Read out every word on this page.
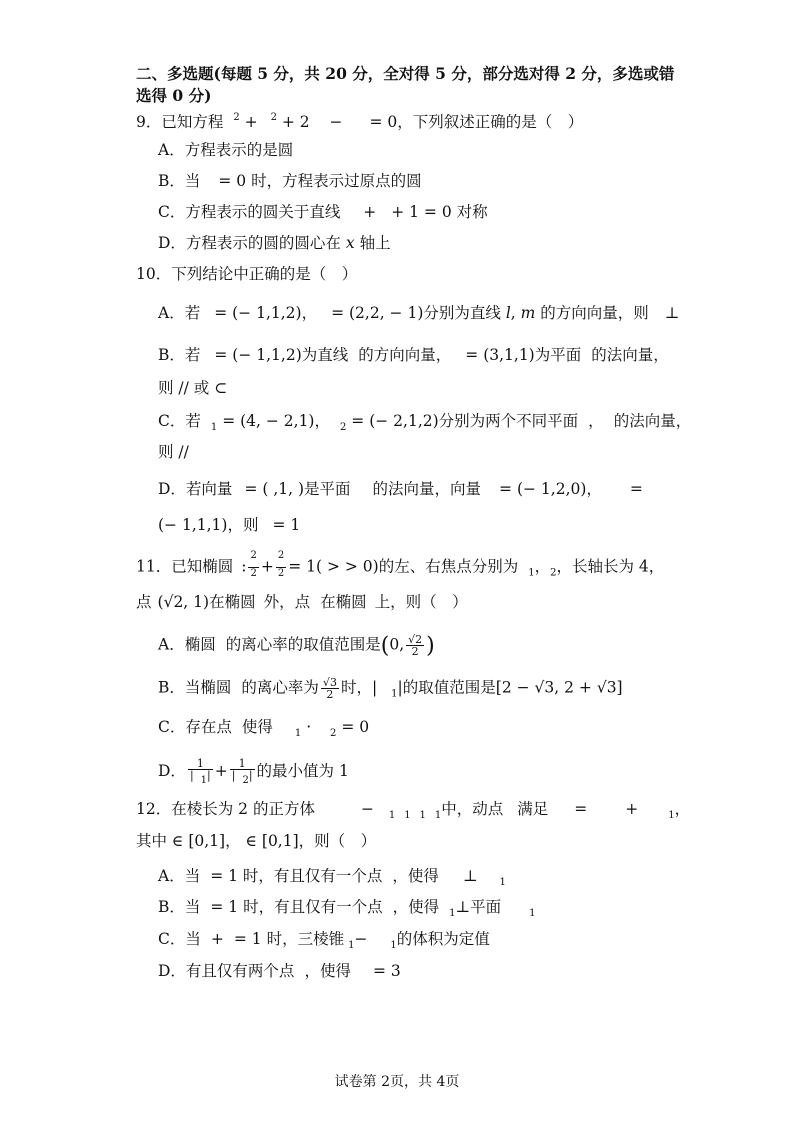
二、多选题(每题 5 分，共 20 分，全对得 5 分，部分选对得 2 分，多选或错
选得 0 分)
9．已知方程 $^2$ + $^2$ + 2  − = 0，下列叙述正确的是（　）
A．方程表示的是圆
B．当 = 0 时，方程表示过原点的圆
C．方程表示的圆关于直线 + + 1 = 0 对称
D．方程表示的圆的圆心在 x 轴上
10．下列结论中正确的是（　）
A．若 = (− 1,1,2)， = (2,2, − 1)分别为直线 l, m 的方向向量，则 ⊥
B．若 = (− 1,1,2)为直线 的方向向量， = (3,1,1)为平面 的法向量，
则 // 或 ⊂
C．若 $_1$ = (4, − 2,1)， $_2$ = (− 2,1,2)分别为两个不同平面 ， 的法向量，
则 //
D．若向量 = ( ,1, )是平面 的法向量，向量 = (− 1,2,0)， =
(− 1,1,1)，则 = 1
11．已知椭圆 : $\frac{2}{2} + \frac{2}{2} = 1$( > > 0)的左、右焦点分别为 $_1$，$_2$，长轴长为 4，
点 (√2, 1)在椭圆 外，点 在椭圆 上，则（　）
A．椭圆 的离心率的取值范围是(0, $\frac{√2}{2}$ )
B．当椭圆 的离心率为 $\frac{√3}{2}$ 时，| $_1$|的取值范围是[2 − √3, 2 + √3]
C．存在点 使得 $_1$ · $_2$ = 0
D． $\frac{1}{| 1|} + \frac{1}{| 2|}$ 的最小值为 1
12．在棱长为 2 的正方体	− $_1$ $_1$ $_1$ $_1$中，动点 满足 = +	$_1$，
其中 ∈ [0,1]， ∈ [0,1]，则（　）
A．当 = 1 时，有且仅有一个点 ，使得 ⊥ $_1$
B．当 = 1 时，有且仅有一个点 ，使得 $_1$⊥平面	$_1$
C．当 + = 1 时，三棱锥 $_1$− $_1$的体积为定值
D．有且仅有两个点 ，使得 = 3
试卷第 2页，共 4页
